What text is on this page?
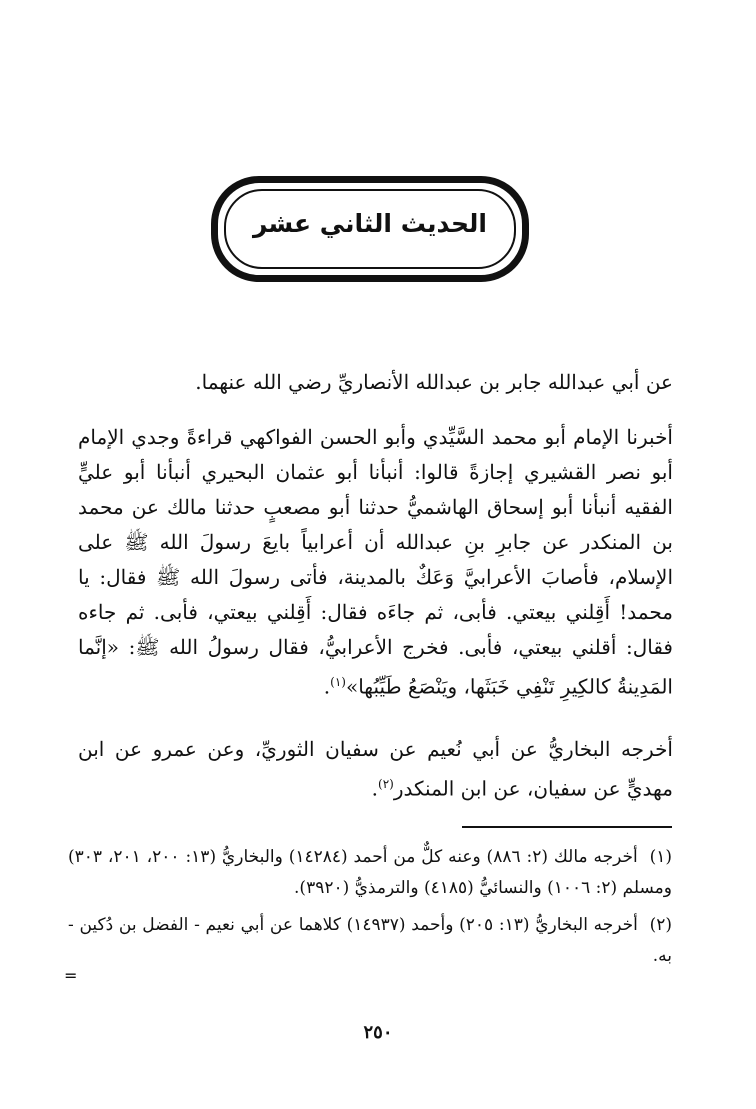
الحديث الثاني عشر
عن أبي عبدالله جابر بن عبدالله الأنصاريِّ رضي الله عنهما.
أخبرنا الإمام أبو محمد السَّيِّدي وأبو الحسن الفواكهي قراءةً وجدي الإمام أبو نصر القشيري إجازةً قالوا: أنبأنا أبو عثمان البحيري أنبأنا أبو عليٍّ الفقيه أنبأنا أبو إسحاق الهاشميُّ حدثنا أبو مصعبٍ حدثنا مالك عن محمد بن المنكدر عن جابرِ بنِ عبدالله أن أعرابياً بايعَ رسولَ الله ﷺ على الإسلام، فأصابَ الأعرابيَّ وَعَكٌ بالمدينة، فأتى رسولَ الله ﷺ فقال: يا محمد! أَقِلني بيعتي. فأبى، ثم جاءَه فقال: أَقِلني بيعتي، فأبى. ثم جاءه فقال: أقلني بيعتي، فأبى. فخرج الأعرابيُّ، فقال رسولُ الله ﷺ: «إنَّما المَدِينةُ كالكِيرِ تَنْفِي خَبَثَها، ويَنْصَعُ طَيِّبُها»$^{(١)}$.
أخرجه البخاريُّ عن أبي نُعيم عن سفيان الثوريِّ، وعن عمرو عن ابن مهديٍّ عن سفيان، عن ابن المنكدر$^{(٢)}$.
(١) أخرجه مالك (٢: ٨٨٦) وعنه كلٌّ من أحمد (١٤٢٨٤) والبخاريُّ (١٣: ٢٠٠، ٢٠١، ٣٠٣) ومسلم (٢: ١٠٠٦) والنسائيُّ (٤١٨٥) والترمذيُّ (٣٩٢٠).
(٢) أخرجه البخاريُّ (١٣: ٢٠٥) وأحمد (١٤٩٣٧) كلاهما عن أبي نعيم - الفضل بن دُكين - به.
=
٢٥٠
